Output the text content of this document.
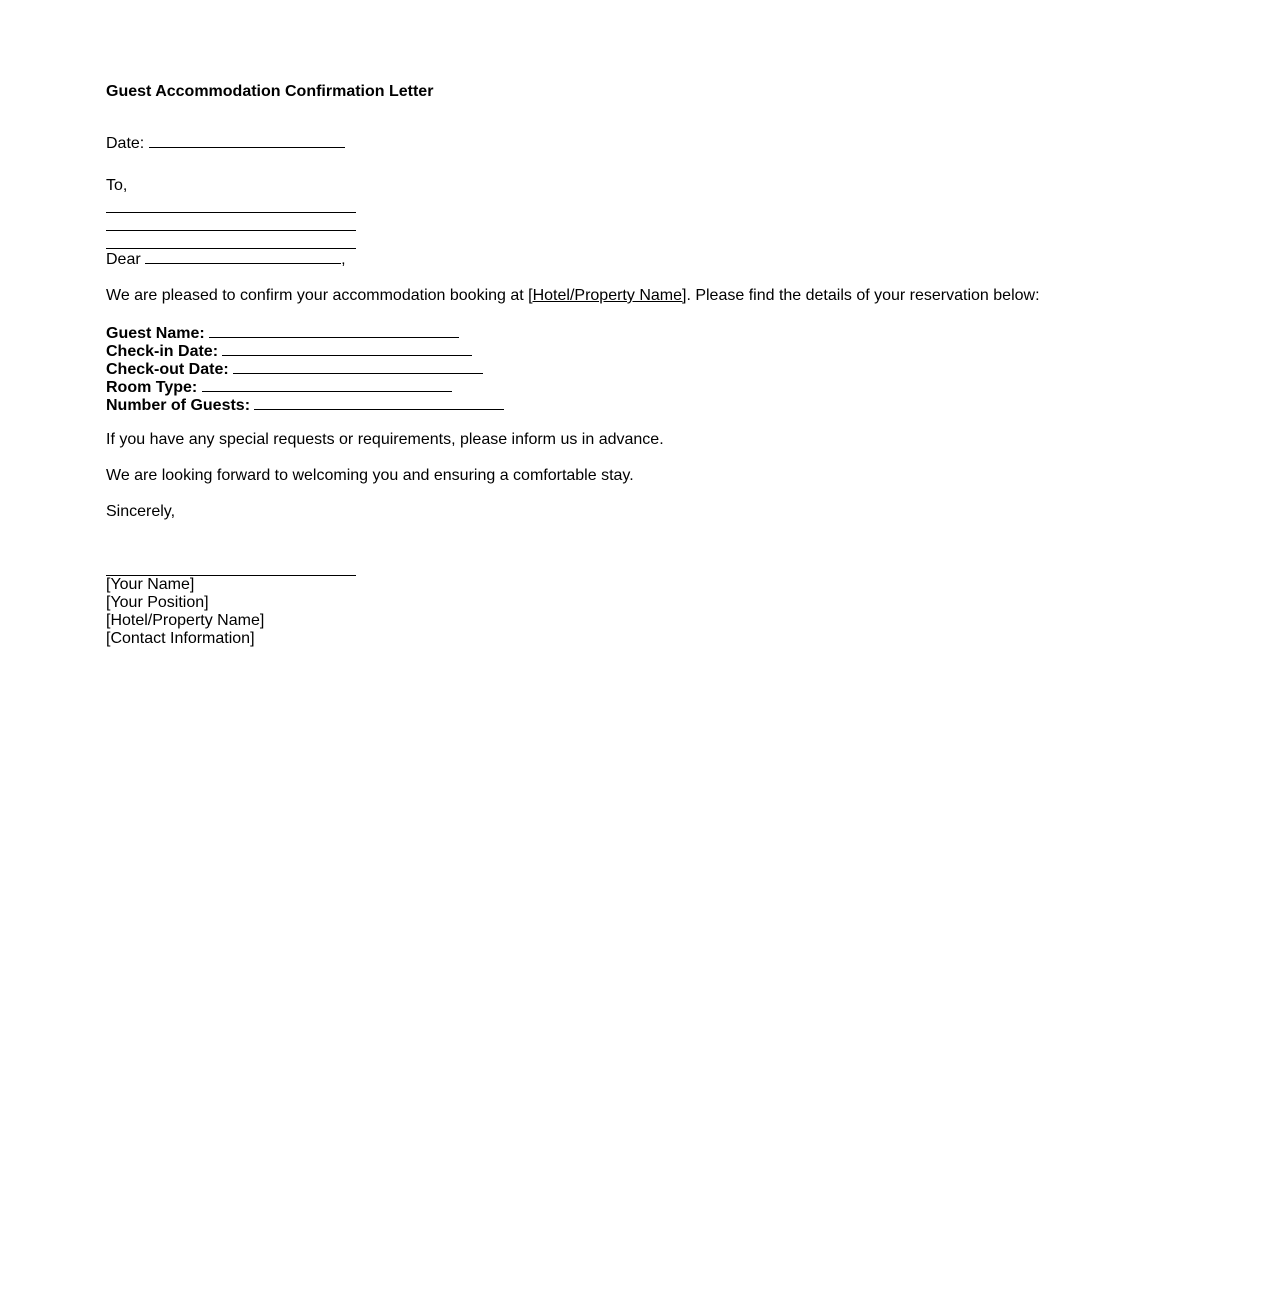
Guest Accommodation Confirmation Letter
Date:
To,
Dear	,
We are pleased to confirm your accommodation booking at [Hotel/Property Name]. Please find the details of your reservation below:
Guest Name:
Check-in Date:
Check-out Date:
Room Type:
Number of Guests:
If you have any special requests or requirements, please inform us in advance.
We are looking forward to welcoming you and ensuring a comfortable stay.
Sincerely,
[Your Name]
[Your Position]
[Hotel/Property Name]
[Contact Information]
